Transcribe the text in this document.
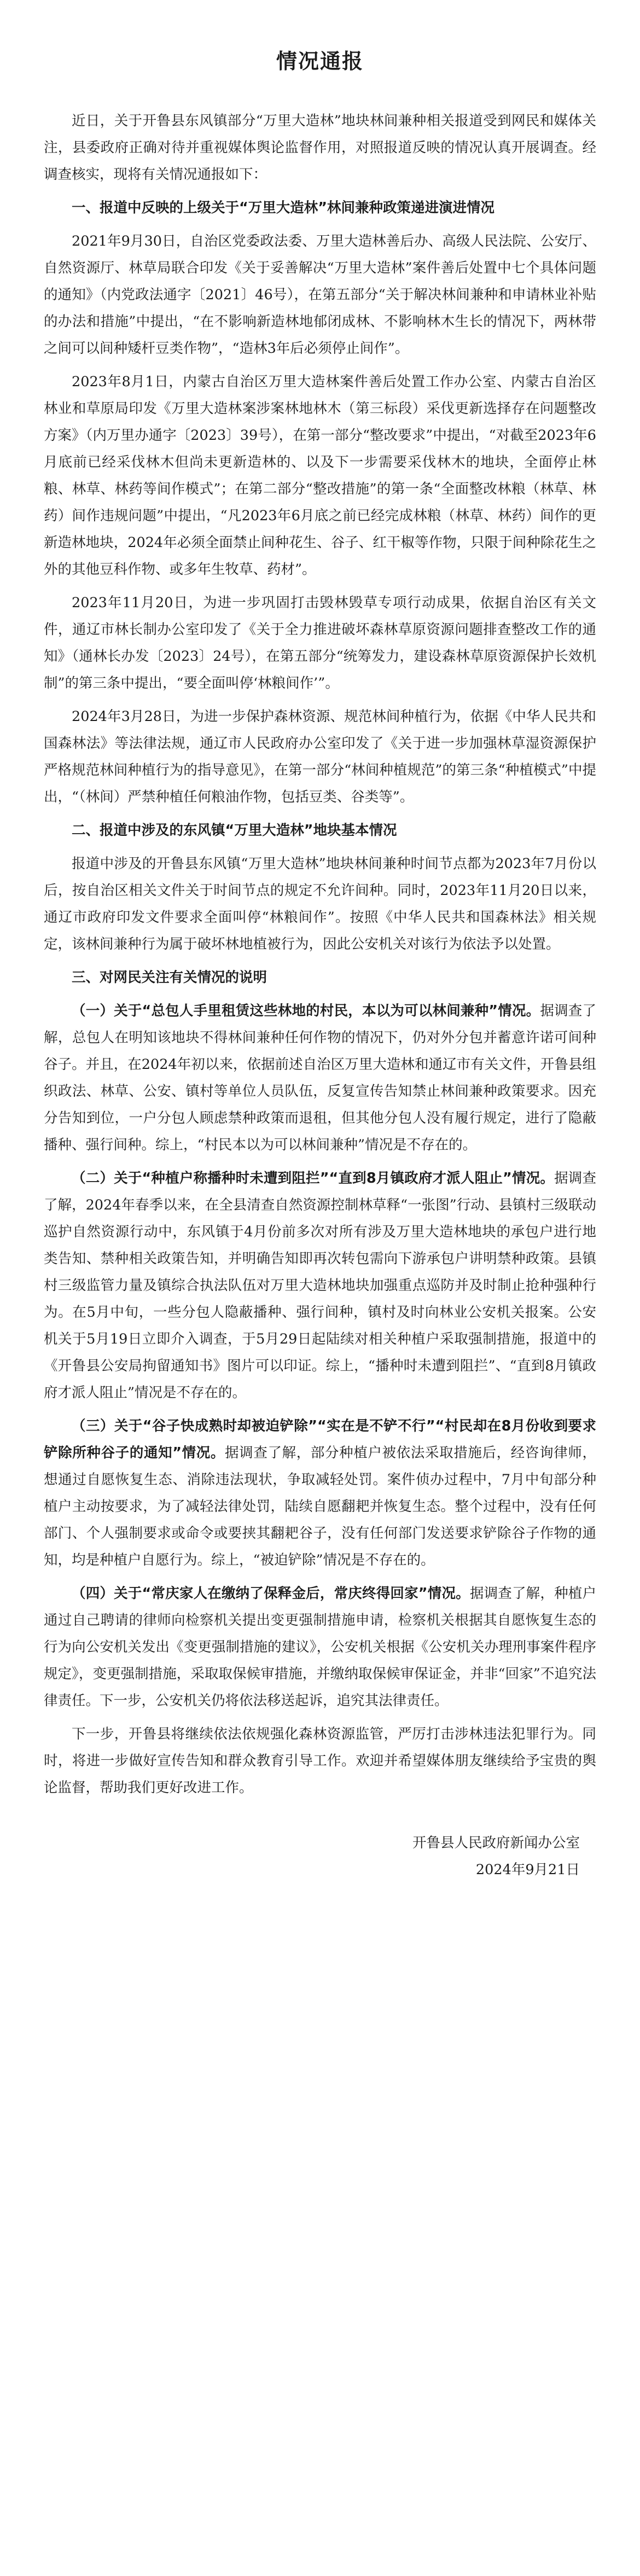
情况通报

近日，关于开鲁县东风镇部分“万里大造林”地块林间兼种相关报道受到网民和媒体关注，县委政府正确对待并重视媒体舆论监督作用，对照报道反映的情况认真开展调查。经调查核实，现将有关情况通报如下：

一、报道中反映的上级关于“万里大造林”林间兼种政策递进演进情况

2021年9月30日，自治区党委政法委、万里大造林善后办、高级人民法院、公安厅、自然资源厅、林草局联合印发《关于妥善解决“万里大造林”案件善后处置中七个具体问题的通知》（内党政法通字〔2021〕46号），在第五部分“关于解决林间兼种和申请林业补贴的办法和措施”中提出，“在不影响新造林地郁闭成林、不影响林木生长的情况下，两林带之间可以间种矮杆豆类作物”，“造林3年后必须停止间作”。

2023年8月1日，内蒙古自治区万里大造林案件善后处置工作办公室、内蒙古自治区林业和草原局印发《万里大造林案涉案林地林木（第三标段）采伐更新选择存在问题整改方案》（内万里办通字〔2023〕39号），在第一部分“整改要求”中提出，“对截至2023年6月底前已经采伐林木但尚未更新造林的、以及下一步需要采伐林木的地块，全面停止林粮、林草、林药等间作模式”；在第二部分“整改措施”的第一条“全面整改林粮（林草、林药）间作违规问题”中提出，“凡2023年6月底之前已经完成林粮（林草、林药）间作的更新造林地块，2024年必须全面禁止间种花生、谷子、红干椒等作物，只限于间种除花生之外的其他豆科作物、或多年生牧草、药材”。

2023年11月20日，为进一步巩固打击毁林毁草专项行动成果，依据自治区有关文件，通辽市林长制办公室印发了《关于全力推进破坏森林草原资源问题排查整改工作的通知》（通林长办发〔2023〕24号），在第五部分“统筹发力，建设森林草原资源保护长效机制”的第三条中提出，“要全面叫停‘林粮间作’”。

2024年3月28日，为进一步保护森林资源、规范林间种植行为，依据《中华人民共和国森林法》等法律法规，通辽市人民政府办公室印发了《关于进一步加强林草湿资源保护严格规范林间种植行为的指导意见》，在第一部分“林间种植规范”的第三条“种植模式”中提出，“（林间）严禁种植任何粮油作物，包括豆类、谷类等”。

二、报道中涉及的东风镇“万里大造林”地块基本情况

报道中涉及的开鲁县东风镇“万里大造林”地块林间兼种时间节点都为2023年7月份以后，按自治区相关文件关于时间节点的规定不允许间种。同时，2023年11月20日以来，通辽市政府印发文件要求全面叫停“林粮间作”。按照《中华人民共和国森林法》相关规定，该林间兼种行为属于破坏林地植被行为，因此公安机关对该行为依法予以处置。

三、对网民关注有关情况的说明

（一）关于“总包人手里租赁这些林地的村民，本以为可以林间兼种”情况。据调查了解，总包人在明知该地块不得林间兼种任何作物的情况下，仍对外分包并蓄意许诺可间种谷子。并且，在2024年初以来，依据前述自治区万里大造林和通辽市有关文件，开鲁县组织政法、林草、公安、镇村等单位人员队伍，反复宣传告知禁止林间兼种政策要求。因充分告知到位，一户分包人顾虑禁种政策而退租，但其他分包人没有履行规定，进行了隐蔽播种、强行间种。综上，“村民本以为可以林间兼种”情况是不存在的。

（二）关于“种植户称播种时未遭到阻拦”“直到8月镇政府才派人阻止”情况。据调查了解，2024年春季以来，在全县清查自然资源控制林草释“一张图”行动、县镇村三级联动巡护自然资源行动中，东风镇于4月份前多次对所有涉及万里大造林地块的承包户进行地类告知、禁种相关政策告知，并明确告知即再次转包需向下游承包户讲明禁种政策。县镇村三级监管力量及镇综合执法队伍对万里大造林地块加强重点巡防并及时制止抢种强种行为。在5月中旬，一些分包人隐蔽播种、强行间种，镇村及时向林业公安机关报案。公安机关于5月19日立即介入调查，于5月29日起陆续对相关种植户采取强制措施，报道中的《开鲁县公安局拘留通知书》图片可以印证。综上，“播种时未遭到阻拦”、“直到8月镇政府才派人阻止”情况是不存在的。

（三）关于“谷子快成熟时却被迫铲除”“实在是不铲不行”“村民却在8月份收到要求铲除所种谷子的通知”情况。据调查了解，部分种植户被依法采取措施后，经咨询律师，想通过自愿恢复生态、消除违法现状，争取减轻处罚。案件侦办过程中，7月中旬部分种植户主动按要求，为了减轻法律处罚，陆续自愿翻耙并恢复生态。整个过程中，没有任何部门、个人强制要求或命令或要挟其翻耙谷子，没有任何部门发送要求铲除谷子作物的通知，均是种植户自愿行为。综上，“被迫铲除”情况是不存在的。

（四）关于“常庆家人在缴纳了保释金后，常庆终得回家”情况。据调查了解，种植户通过自己聘请的律师向检察机关提出变更强制措施申请，检察机关根据其自愿恢复生态的行为向公安机关发出《变更强制措施的建议》，公安机关根据《公安机关办理刑事案件程序规定》，变更强制措施，采取取保候审措施，并缴纳取保候审保证金，并非“回家”不追究法律责任。下一步，公安机关仍将依法移送起诉，追究其法律责任。

下一步，开鲁县将继续依法依规强化森林资源监管，严厉打击涉林违法犯罪行为。同时，将进一步做好宣传告知和群众教育引导工作。欢迎并希望媒体朋友继续给予宝贵的舆论监督，帮助我们更好改进工作。

开鲁县人民政府新闻办公室
2024年9月21日
